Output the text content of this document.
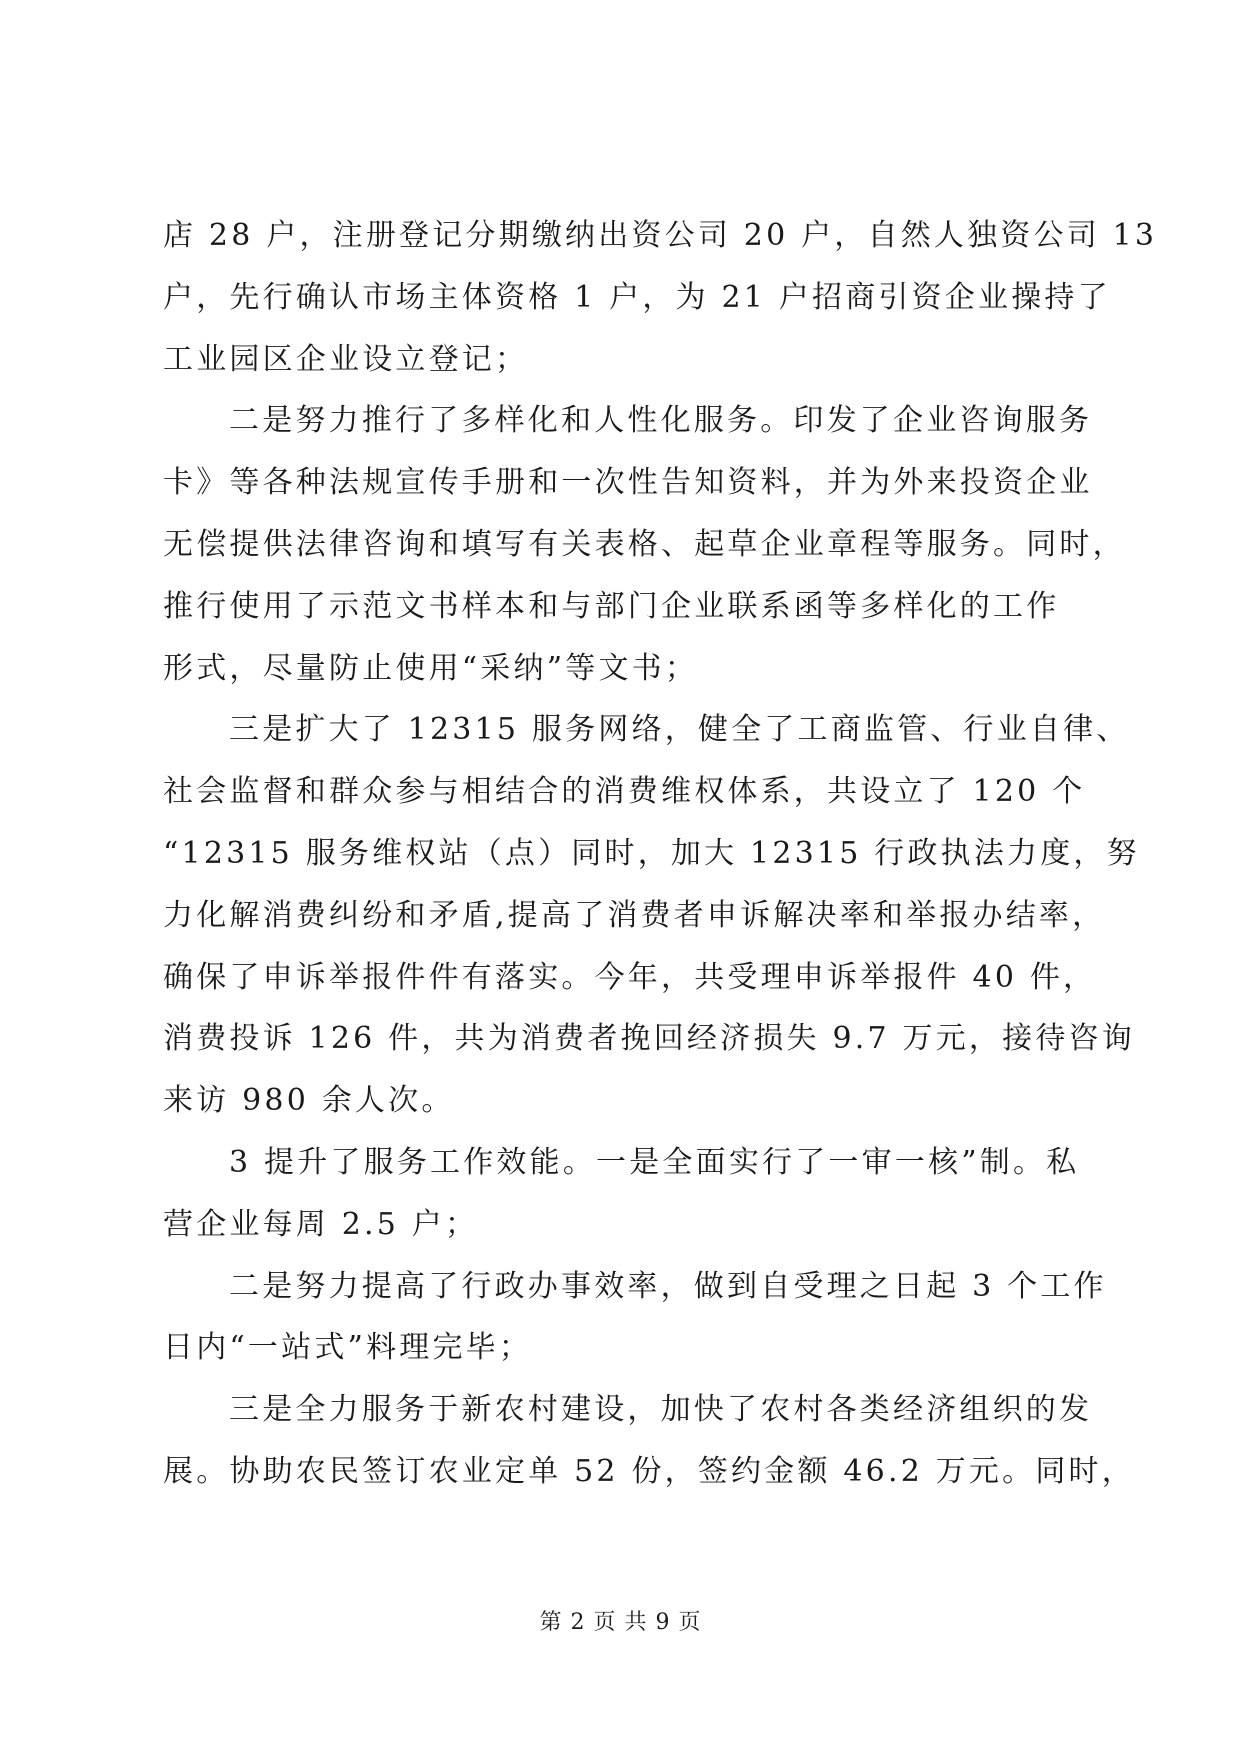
店 28 户，注册登记分期缴纳出资公司 20 户，自然人独资公司 13
户，先行确认市场主体资格 1 户，为 21 户招商引资企业操持了
工业园区企业设立登记；
二是努力推行了多样化和人性化服务。印发了企业咨询服务
卡》等各种法规宣传手册和一次性告知资料，并为外来投资企业
无偿提供法律咨询和填写有关表格、起草企业章程等服务。同时，
推行使用了示范文书样本和与部门企业联系函等多样化的工作
形式，尽量防止使用“采纳”等文书；
三是扩大了 12315 服务网络，健全了工商监管、行业自律、
社会监督和群众参与相结合的消费维权体系，共设立了 120 个
“12315 服务维权站（点）同时，加大 12315 行政执法力度，努
力化解消费纠纷和矛盾,提高了消费者申诉解决率和举报办结率，
确保了申诉举报件件有落实。今年，共受理申诉举报件 40 件，
消费投诉 126 件，共为消费者挽回经济损失 9.7 万元，接待咨询
来访 980 余人次。
3 提升了服务工作效能。一是全面实行了一审一核”制。私
营企业每周 2.5 户；
二是努力提高了行政办事效率，做到自受理之日起 3 个工作
日内“一站式”料理完毕；
三是全力服务于新农村建设，加快了农村各类经济组织的发
展。协助农民签订农业定单 52 份，签约金额 46.2 万元。同时，
第 2 页 共 9 页
